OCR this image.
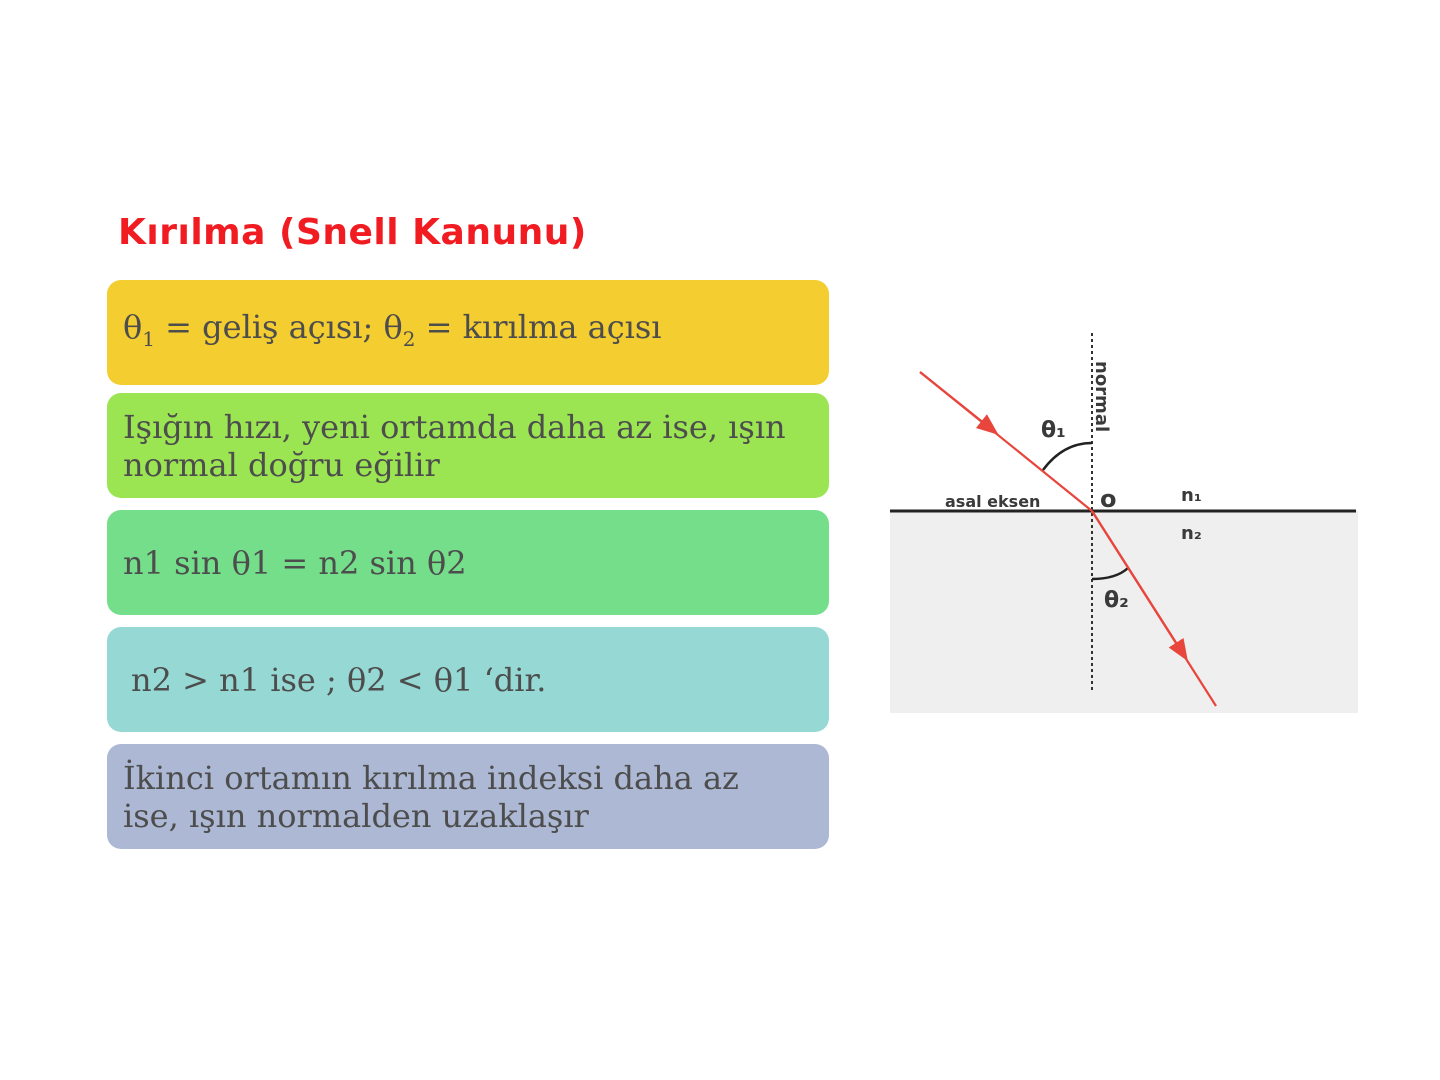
Kırılma (Snell Kanunu)
$\theta_1$ = geliş açısı; $\theta_2$ = kırılma açısı
Işığın hızı, yeni ortamda daha az ise, ışın
normal doğru eğilir
n1 sin θ1 = n2 sin θ2
n2 > n1 ise ; θ2 < θ1 ‘dir.
İkinci ortamın kırılma indeksi daha az
ise, ışın normalden uzaklaşır
normal
asal eksen o
θ₁
θ₂
n₁
n₂
